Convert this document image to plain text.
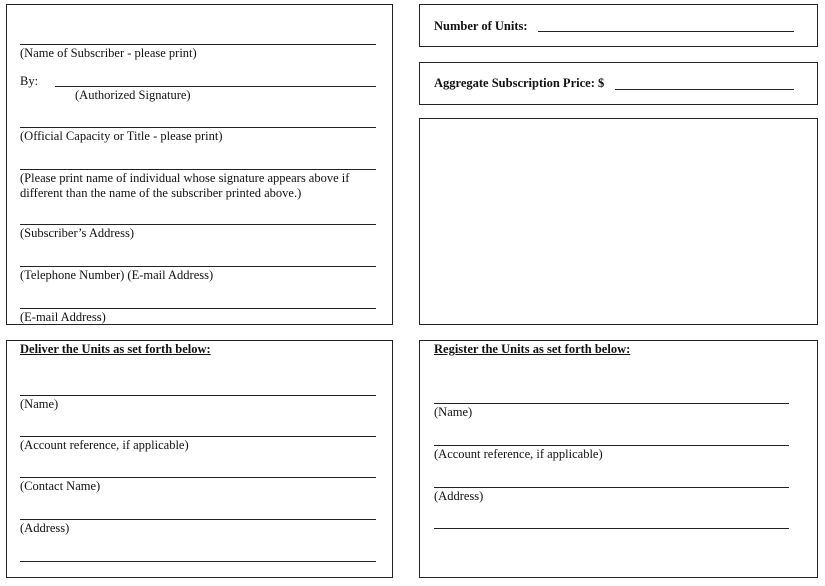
(Name of Subscriber - please print)
By:
(Authorized Signature)
(Official Capacity or Title - please print)
(Please print name of individual whose signature appears above if different than the name of the subscriber printed above.)
(Subscriber’s Address)
(Telephone Number) (E-mail Address)
(E-mail Address)
Number of Units:
Aggregate Subscription Price: $
Deliver the Units as set forth below:
(Name)
(Account reference, if applicable)
(Contact Name)
(Address)
Register the Units as set forth below:
(Name)
(Account reference, if applicable)
(Address)
